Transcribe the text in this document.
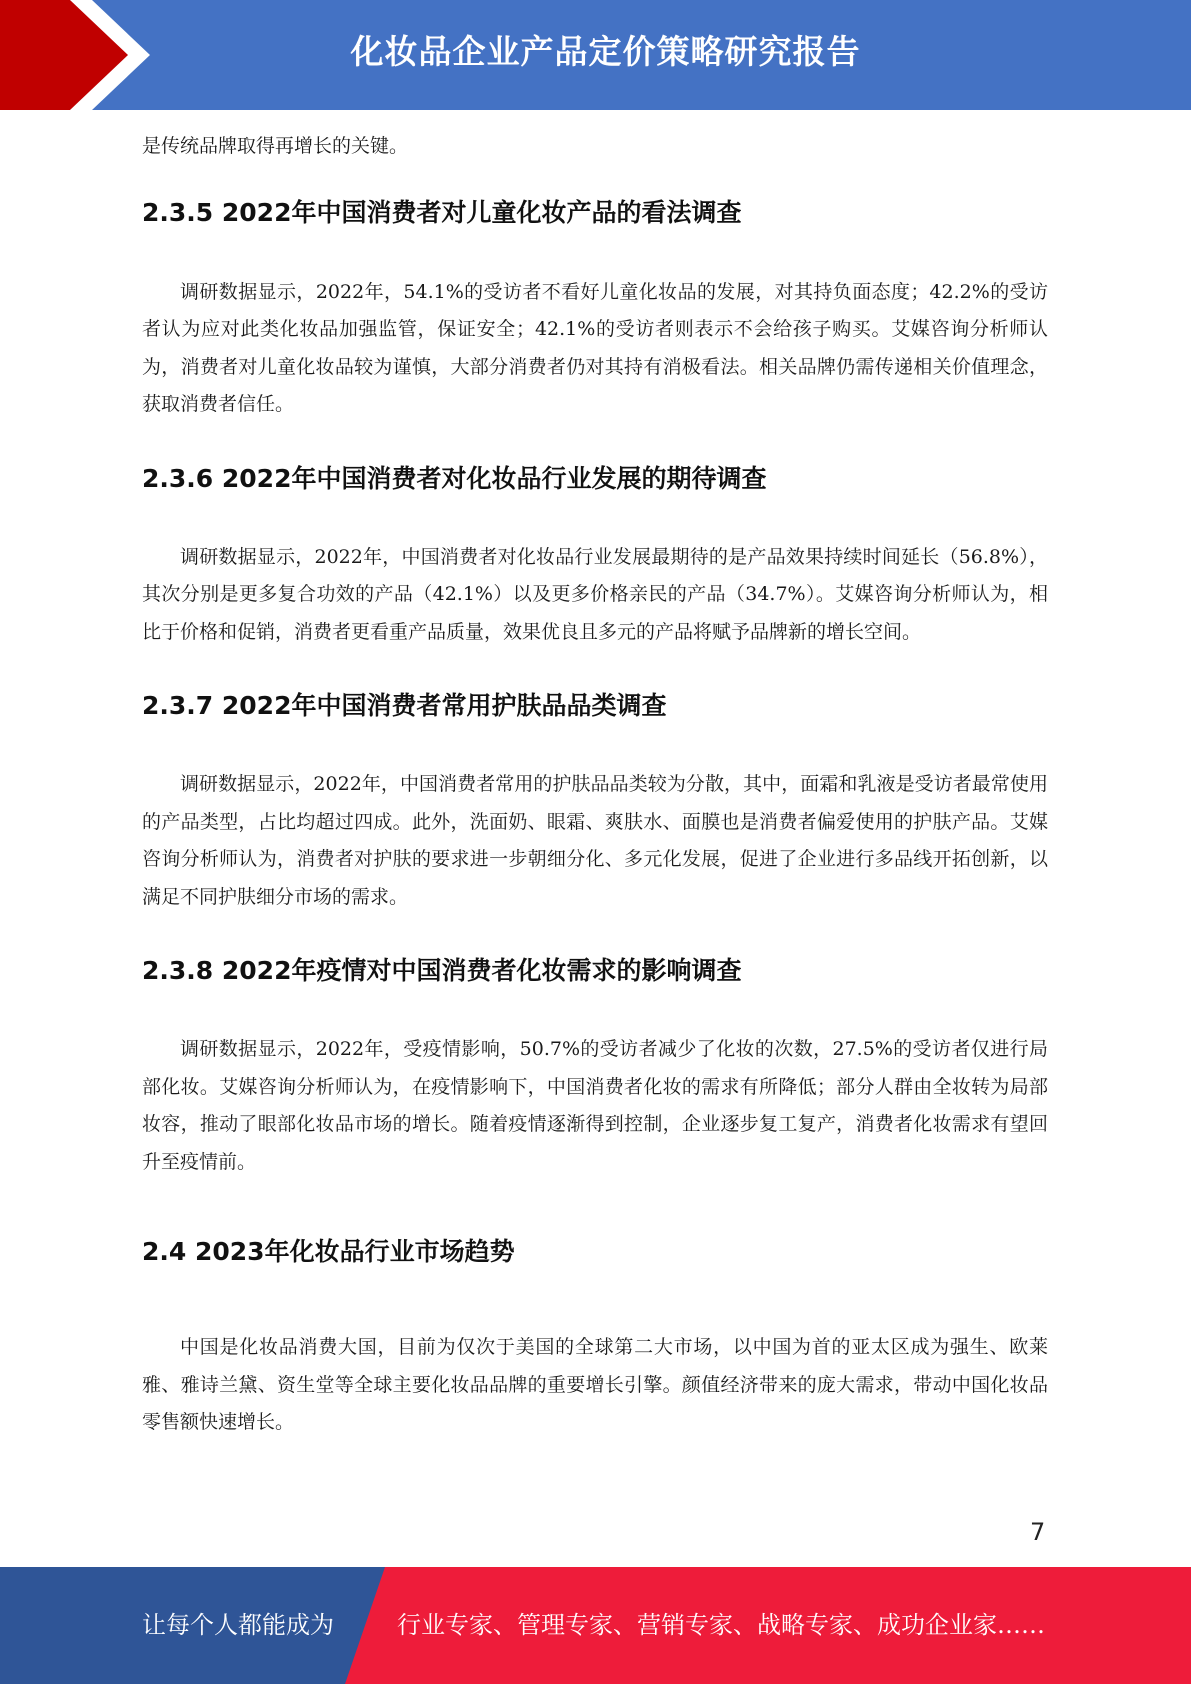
化妆品企业产品定价策略研究报告

是传统品牌取得再增长的关键。

2.3.5 2022年中国消费者对儿童化妆产品的看法调查

调研数据显示，2022年，54.1%的受访者不看好儿童化妆品的发展，对其持负面态度；42.2%的受访者认为应对此类化妆品加强监管，保证安全；42.1%的受访者则表示不会给孩子购买。艾媒咨询分析师认为，消费者对儿童化妆品较为谨慎，大部分消费者仍对其持有消极看法。相关品牌仍需传递相关价值理念，获取消费者信任。

2.3.6 2022年中国消费者对化妆品行业发展的期待调查

调研数据显示，2022年，中国消费者对化妆品行业发展最期待的是产品效果持续时间延长（56.8%），其次分别是更多复合功效的产品（42.1%）以及更多价格亲民的产品（34.7%）。艾媒咨询分析师认为，相比于价格和促销，消费者更看重产品质量，效果优良且多元的产品将赋予品牌新的增长空间。

2.3.7 2022年中国消费者常用护肤品品类调查

调研数据显示，2022年，中国消费者常用的护肤品品类较为分散，其中，面霜和乳液是受访者最常使用的产品类型，占比均超过四成。此外，洗面奶、眼霜、爽肤水、面膜也是消费者偏爱使用的护肤产品。艾媒咨询分析师认为，消费者对护肤的要求进一步朝细分化、多元化发展，促进了企业进行多品线开拓创新，以满足不同护肤细分市场的需求。

2.3.8 2022年疫情对中国消费者化妆需求的影响调查

调研数据显示，2022年，受疫情影响，50.7%的受访者减少了化妆的次数，27.5%的受访者仅进行局部化妆。艾媒咨询分析师认为，在疫情影响下，中国消费者化妆的需求有所降低；部分人群由全妆转为局部妆容，推动了眼部化妆品市场的增长。随着疫情逐渐得到控制，企业逐步复工复产，消费者化妆需求有望回升至疫情前。

2.4 2023年化妆品行业市场趋势

中国是化妆品消费大国，目前为仅次于美国的全球第二大市场，以中国为首的亚太区成为强生、欧莱雅、雅诗兰黛、资生堂等全球主要化妆品品牌的重要增长引擎。颜值经济带来的庞大需求，带动中国化妆品零售额快速增长。

7
让每个人都能成为	行业专家、管理专家、营销专家、战略专家、成功企业家……
